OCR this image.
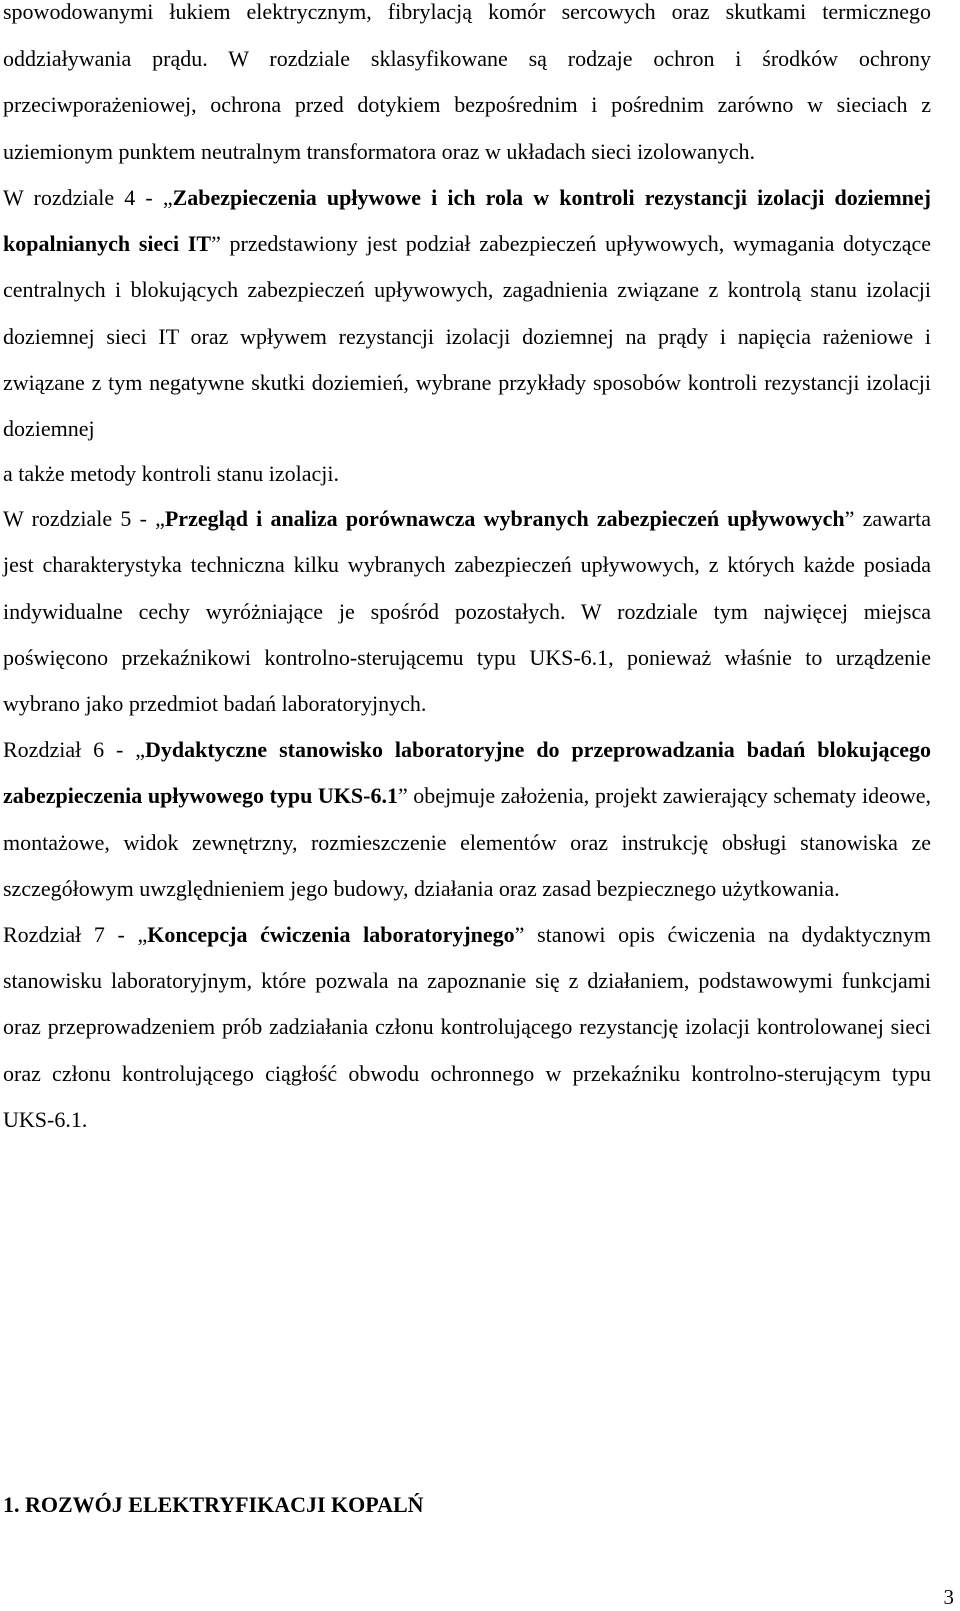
spowodowanymi łukiem elektrycznym, fibrylacją komór sercowych oraz skutkami termicznego oddziaływania prądu. W rozdziale sklasyfikowane są rodzaje ochron i środków ochrony przeciwporażeniowej, ochrona przed dotykiem bezpośrednim i pośrednim zarówno w sieciach z uziemionym punktem neutralnym transformatora oraz w układach sieci izolowanych.

W rozdziale 4 - „Zabezpieczenia upływowe i ich rola w kontroli rezystancji izolacji doziemnej kopalnianych sieci IT” przedstawiony jest podział zabezpieczeń upływowych, wymagania dotyczące centralnych i blokujących zabezpieczeń upływowych, zagadnienia związane z kontrolą stanu izolacji doziemnej sieci IT oraz wpływem rezystancji izolacji doziemnej na prądy i napięcia rażeniowe i związane z tym negatywne skutki doziemień, wybrane przykłady sposobów kontroli rezystancji izolacji doziemnej

a także metody kontroli stanu izolacji.

W rozdziale 5 - „Przegląd i analiza porównawcza wybranych zabezpieczeń upływowych” zawarta jest charakterystyka techniczna kilku wybranych zabezpieczeń upływowych, z których każde posiada indywidualne cechy wyróżniające je spośród pozostałych. W rozdziale tym najwięcej miejsca poświęcono przekaźnikowi kontrolno-sterującemu typu UKS-6.1, ponieważ właśnie to urządzenie wybrano jako przedmiot badań laboratoryjnych.

Rozdział 6 - „Dydaktyczne stanowisko laboratoryjne do przeprowadzania badań blokującego zabezpieczenia upływowego typu UKS-6.1” obejmuje założenia, projekt zawierający schematy ideowe, montażowe, widok zewnętrzny, rozmieszczenie elementów oraz instrukcję obsługi stanowiska ze szczegółowym uwzględnieniem jego budowy, działania oraz zasad bezpiecznego użytkowania.

Rozdział 7 - „Koncepcja ćwiczenia laboratoryjnego” stanowi opis ćwiczenia na dydaktycznym stanowisku laboratoryjnym, które pozwala na zapoznanie się z działaniem, podstawowymi funkcjami oraz przeprowadzeniem prób zadziałania członu kontrolującego rezystancję izolacji kontrolowanej sieci oraz członu kontrolującego ciągłość obwodu ochronnego w przekaźniku kontrolno-sterującym typu UKS-6.1.

1. ROZWÓJ ELEKTRYFIKACJI KOPALŃ
3
